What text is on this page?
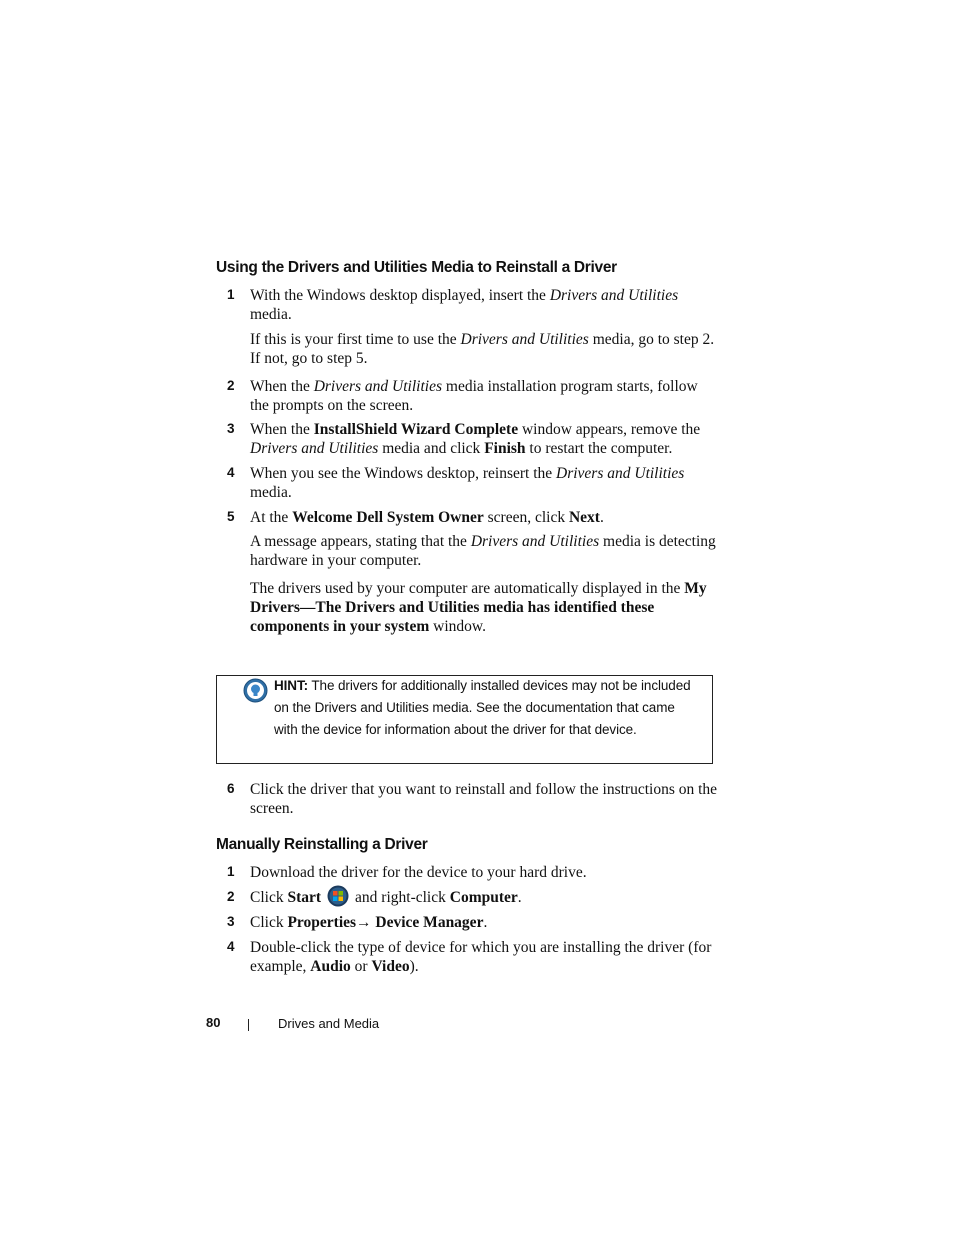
Using the Drivers and Utilities Media to Reinstall a Driver
1 With the Windows desktop displayed, insert the Drivers and Utilities media.

If this is your first time to use the Drivers and Utilities media, go to step 2. If not, go to step 5.

2 When the Drivers and Utilities media installation program starts, follow the prompts on the screen.

3 When the InstallShield Wizard Complete window appears, remove the Drivers and Utilities media and click Finish to restart the computer.

4 When you see the Windows desktop, reinsert the Drivers and Utilities media.

5 At the Welcome Dell System Owner screen, click Next.

A message appears, stating that the Drivers and Utilities media is detecting hardware in your computer.

The drivers used by your computer are automatically displayed in the My Drivers—The Drivers and Utilities media has identified these components in your system window.

HINT: The drivers for additionally installed devices may not be included on the Drivers and Utilities media. See the documentation that came with the device for information about the driver for that device.
6 Click the driver that you want to reinstall and follow the instructions on the screen.

Manually Reinstalling a Driver
1 Download the driver for the device to your hard drive.

2 Click Start and right-click Computer.

3 Click Properties→ Device Manager.

4 Double-click the type of device for which you are installing the driver (for example, Audio or Video).

80	Drives and Media
